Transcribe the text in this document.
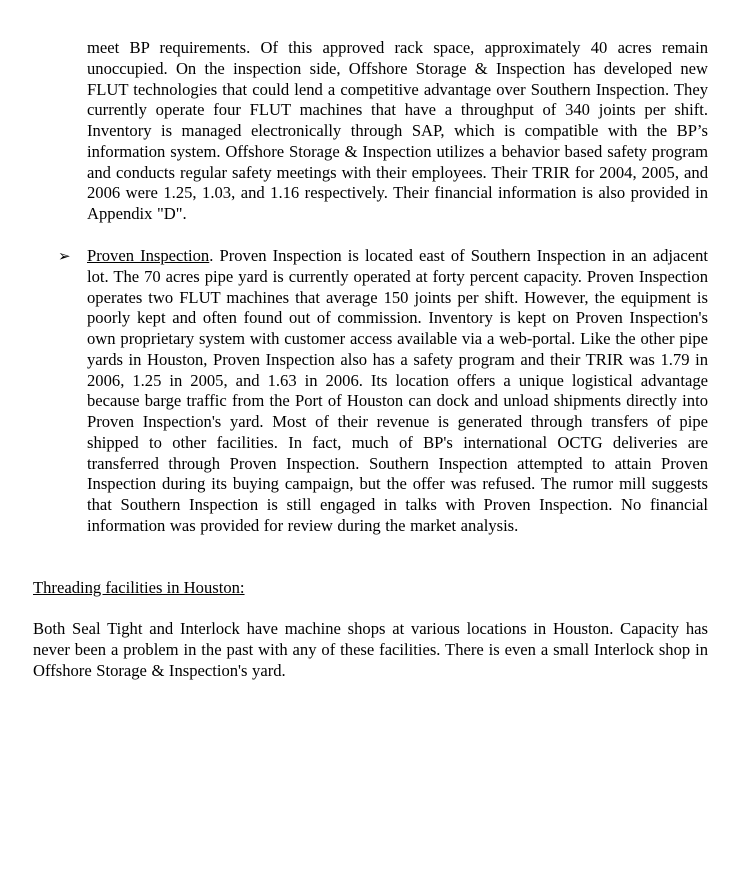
meet BP requirements. Of this approved rack space, approximately 40 acres remain unoccupied. On the inspection side, Offshore Storage & Inspection has developed new FLUT technologies that could lend a competitive advantage over Southern Inspection. They currently operate four FLUT machines that have a throughput of 340 joints per shift. Inventory is managed electronically through SAP, which is compatible with the BP’s information system. Offshore Storage & Inspection utilizes a behavior based safety program and conducts regular safety meetings with their employees. Their TRIR for 2004, 2005, and 2006 were 1.25, 1.03, and 1.16 respectively. Their financial information is also provided in Appendix "D".

➢ Proven Inspection. Proven Inspection is located east of Southern Inspection in an adjacent lot. The 70 acres pipe yard is currently operated at forty percent capacity. Proven Inspection operates two FLUT machines that average 150 joints per shift. However, the equipment is poorly kept and often found out of commission. Inventory is kept on Proven Inspection's own proprietary system with customer access available via a web-portal. Like the other pipe yards in Houston, Proven Inspection also has a safety program and their TRIR was 1.79 in 2006, 1.25 in 2005, and 1.63 in 2006. Its location offers a unique logistical advantage because barge traffic from the Port of Houston can dock and unload shipments directly into Proven Inspection's yard. Most of their revenue is generated through transfers of pipe shipped to other facilities. In fact, much of BP's international OCTG deliveries are transferred through Proven Inspection. Southern Inspection attempted to attain Proven Inspection during its buying campaign, but the offer was refused. The rumor mill suggests that Southern Inspection is still engaged in talks with Proven Inspection. No financial information was provided for review during the market analysis.

Threading facilities in Houston:

Both Seal Tight and Interlock have machine shops at various locations in Houston. Capacity has never been a problem in the past with any of these facilities. There is even a small Interlock shop in Offshore Storage & Inspection's yard.
